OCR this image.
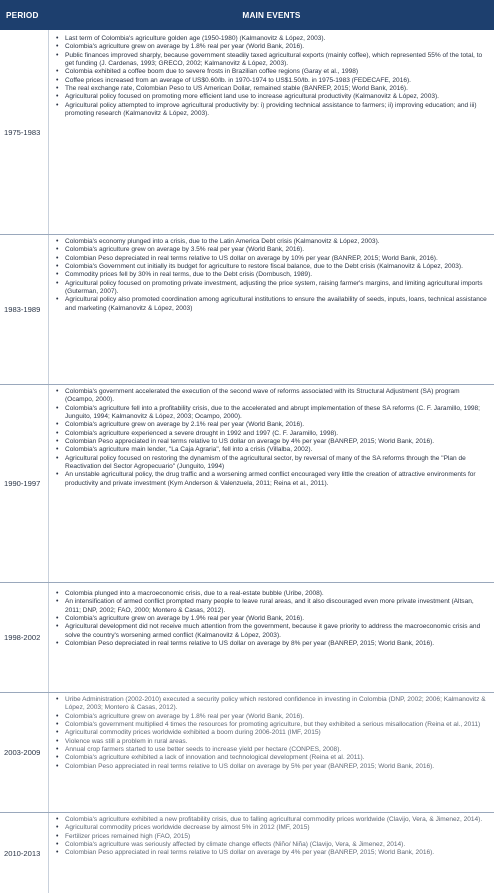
PERIOD	MAIN EVENTS
1975-1983
• Last term of Colombia's agriculture golden age (1950-1980) (Kalmanovitz & López, 2003).
• Colombia's agriculture grew on average by 1.8% real per year (World Bank, 2016).
• Public finances improved sharply, because government steadily taxed agricultural exports (mainly coffee), which represented 55% of the total, to get funding (J. Cardenas, 1993; GRECO, 2002; Kalmanovitz & López, 2003).
• Colombia exhibited a coffee boom due to severe frosts in Brazilian coffee regions (Garay et al., 1998)
• Coffee prices increased from an average of US$0.60/lb. in 1970-1974 to US$1.50/lb. in 1975-1983 (FEDECAFE, 2016).
• The real exchange rate, Colombian Peso to US American Dollar, remained stable (BANREP, 2015; World Bank, 2016).
• Agricultural policy focused on promoting more efficient land use to increase agricultural productivity (Kalmanovitz & López, 2003).
• Agricultural policy attempted to improve agricultural productivity by: i) providing technical assistance to farmers; ii) improving education; and iii) promoting research (Kalmanovitz & López, 2003).
1983-1989
• Colombia's economy plunged into a crisis, due to the Latin America Debt crisis (Kalmanovitz & López, 2003).
• Colombia's agriculture grew on average by 3.5% real per year (World Bank, 2016).
• Colombian Peso depreciated in real terms relative to US dollar on average by 10% per year (BANREP, 2015; World Bank, 2016).
• Colombia's Government cut initially its budget for agriculture to restore fiscal balance, due to the Debt crisis (Kalmanovitz & López, 2003).
• Commodity prices fell by 30% in real terms, due to the Debt crisis (Dornbusch, 1989).
• Agricultural policy focused on promoting private investment, adjusting the price system, raising farmer's margins, and limiting agricultural imports (Guterman, 2007).
• Agricultural policy also promoted coordination among agricultural institutions to ensure the availability of seeds, inputs, loans, technical assistance and marketing (Kalmanovitz & López, 2003)
1990-1997
• Colombia's government accelerated the execution of the second wave of reforms associated with its Structural Adjustment (SA) program (Ocampo, 2000).
• Colombia's agriculture fell into a profitability crisis, due to the accelerated and abrupt implementation of these SA reforms (C. F. Jaramillo, 1998; Junguito, 1994; Kalmanovitz & López, 2003; Ocampo, 2000).
• Colombia's agriculture grew on average by 2.1% real per year (World Bank, 2016).
• Colombia's agriculture experienced a severe drought in 1992 and 1997 (C. F. Jaramillo, 1998).
• Colombian Peso appreciated in real terms relative to US dollar on average by 4% per year (BANREP, 2015; World Bank, 2016).
• Colombia's agriculture main lender, "La Caja Agraria", fell into a crisis (Villalba, 2002).
• Agricultural policy focused on restoring the dynamism of the agricultural sector, by reversal of many of the SA reforms through the "Plan de Reactivation del Sector Agropecuario" (Junguito, 1994)
• An unstable agricultural policy, the drug traffic and a worsening armed conflict encouraged very little the creation of attractive environments for productivity and private investment (Kym Anderson & Valenzuela, 2011; Reina et al., 2011).
1998-2002
• Colombia plunged into a macroeconomic crisis, due to a real-estate bubble (Uribe, 2008).
• An intensification of armed conflict prompted many people to leave rural areas, and it also discouraged even more private investment (Altsan, 2011; DNP, 2002; FAO, 2000; Montero & Casas, 2012).
• Colombia's agriculture grew on average by 1.9% real per year (World Bank, 2016).
• Agricultural development did not receive much attention from the government, because it gave priority to address the macroeconomic crisis and solve the country's worsening armed conflict (Kalmanovitz & López, 2003).
• Colombian Peso depreciated in real terms relative to US dollar on average by 8% per year (BANREP, 2015; World Bank, 2016).
2003-2009
• Uribe Administration (2002-2010) executed a security policy which restored confidence in investing in Colombia (DNP, 2002; 2006; Kalmanovitz & López, 2003; Montero & Casas, 2012).
• Colombia's agriculture grew on average by 1.8% real per year (World Bank, 2016).
• Colombia's government multiplied 4 times the resources for promoting agriculture, but they exhibited a serious misallocation (Reina et al., 2011)
• Agricultural commodity prices worldwide exhibited a boom during 2006-2011 (IMF, 2015)
• Violence was still a problem in rural areas.
• Annual crop farmers started to use better seeds to increase yield per hectare (CONPES, 2008).
• Colombia's agriculture exhibited a lack of innovation and technological development (Reina et al. 2011).
• Colombian Peso appreciated in real terms relative to US dollar on average by 5% per year (BANREP, 2015; World Bank, 2016).
2010-2013
• Colombia's agriculture exhibited a new profitability crisis, due to falling agricultural commodity prices worldwide (Clavijo, Vera, & Jimenez, 2014).
• Agricultural commodity prices worldwide decrease by almost 5% in 2012 (IMF, 2015)
• Fertilizer prices remained high (FAO, 2015)
• Colombia's agriculture was seriously affected by climate change effects (Niño/ Niña) (Clavijo, Vera, & Jimenez, 2014).
• Colombian Peso appreciated in real terms relative to US dollar on average by 4% per year (BANREP, 2015; World Bank, 2016).
